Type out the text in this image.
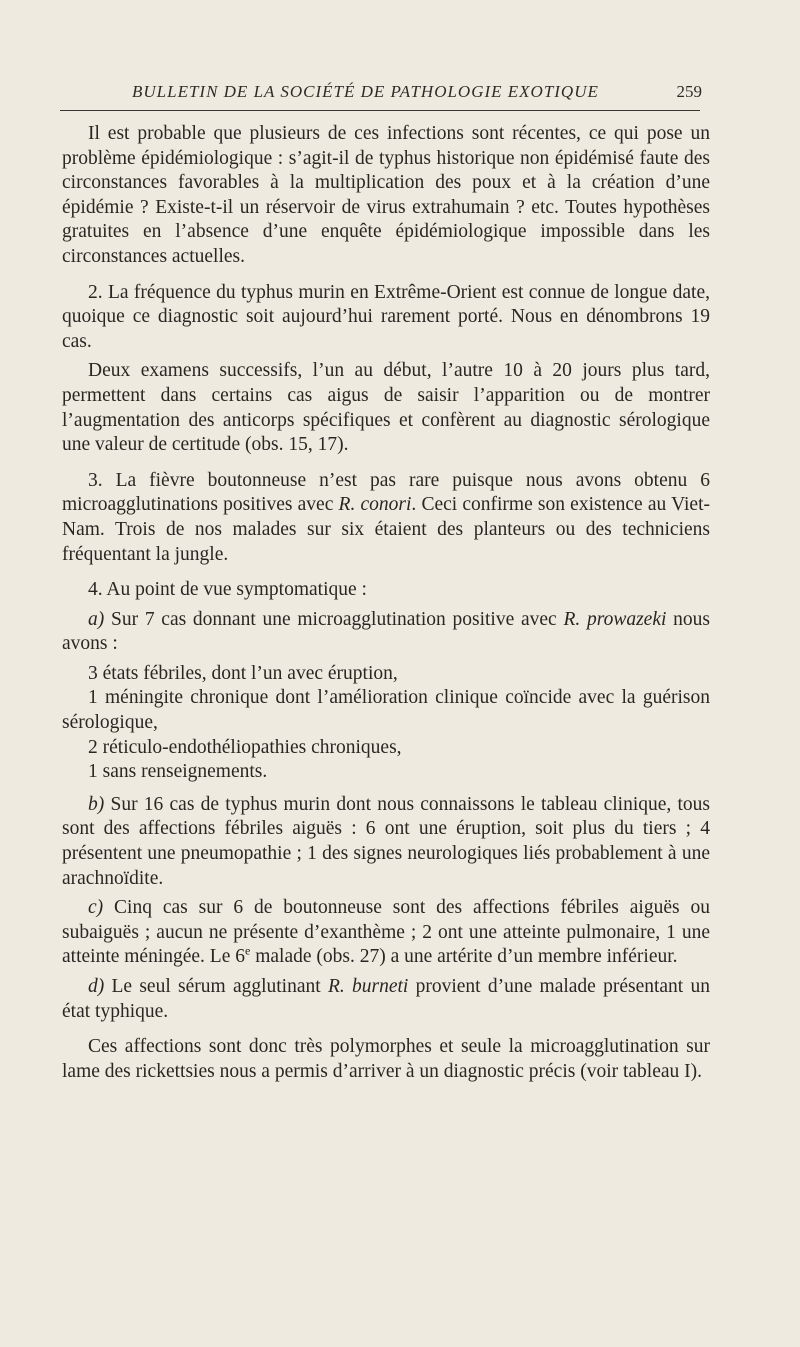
BULLETIN DE LA SOCIÉTÉ DE PATHOLOGIE EXOTIQUE	259

Il est probable que plusieurs de ces infections sont récentes, ce qui pose un problème épidémiologique : s’agit-il de typhus historique non épidémisé faute des circonstances favorables à la multiplication des poux et à la création d’une épidémie ? Existe-t-il un réservoir de virus extrahumain ? etc. Toutes hypothèses gratuites en l’absence d’une enquête épidémiologique impossible dans les circonstances actuelles.

2. La fréquence du typhus murin en Extrême-Orient est connue de longue date, quoique ce diagnostic soit aujourd’hui rarement porté. Nous en dénombrons 19 cas.

Deux examens successifs, l’un au début, l’autre 10 à 20 jours plus tard, permettent dans certains cas aigus de saisir l’apparition ou de montrer l’augmentation des anticorps spécifiques et confèrent au diagnostic sérologique une valeur de certitude (obs. 15, 17).

3. La fièvre boutonneuse n’est pas rare puisque nous avons obtenu 6 microagglutinations positives avec R. conori. Ceci confirme son existence au Viet-Nam. Trois de nos malades sur six étaient des planteurs ou des techniciens fréquentant la jungle.

4. Au point de vue symptomatique :

a) Sur 7 cas donnant une microagglutination positive avec R. prowazeki nous avons :

3 états fébriles, dont l’un avec éruption,

1 méningite chronique dont l’amélioration clinique coïncide avec la guérison sérologique,

2 réticulo-endothéliopathies chroniques,

1 sans renseignements.

b) Sur 16 cas de typhus murin dont nous connaissons le tableau clinique, tous sont des affections fébriles aiguës : 6 ont une éruption, soit plus du tiers ; 4 présentent une pneumopathie ; 1 des signes neurologiques liés probablement à une arachnoïdite.

c) Cinq cas sur 6 de boutonneuse sont des affections fébriles aiguës ou subaiguës ; aucun ne présente d’exanthème ; 2 ont une atteinte pulmonaire, 1 une atteinte méningée. Le 6e malade (obs. 27) a une artérite d’un membre inférieur.

d) Le seul sérum agglutinant R. burneti provient d’une malade présentant un état typhique.

Ces affections sont donc très polymorphes et seule la microagglutination sur lame des rickettsies nous a permis d’arriver à un diagnostic précis (voir tableau I).
